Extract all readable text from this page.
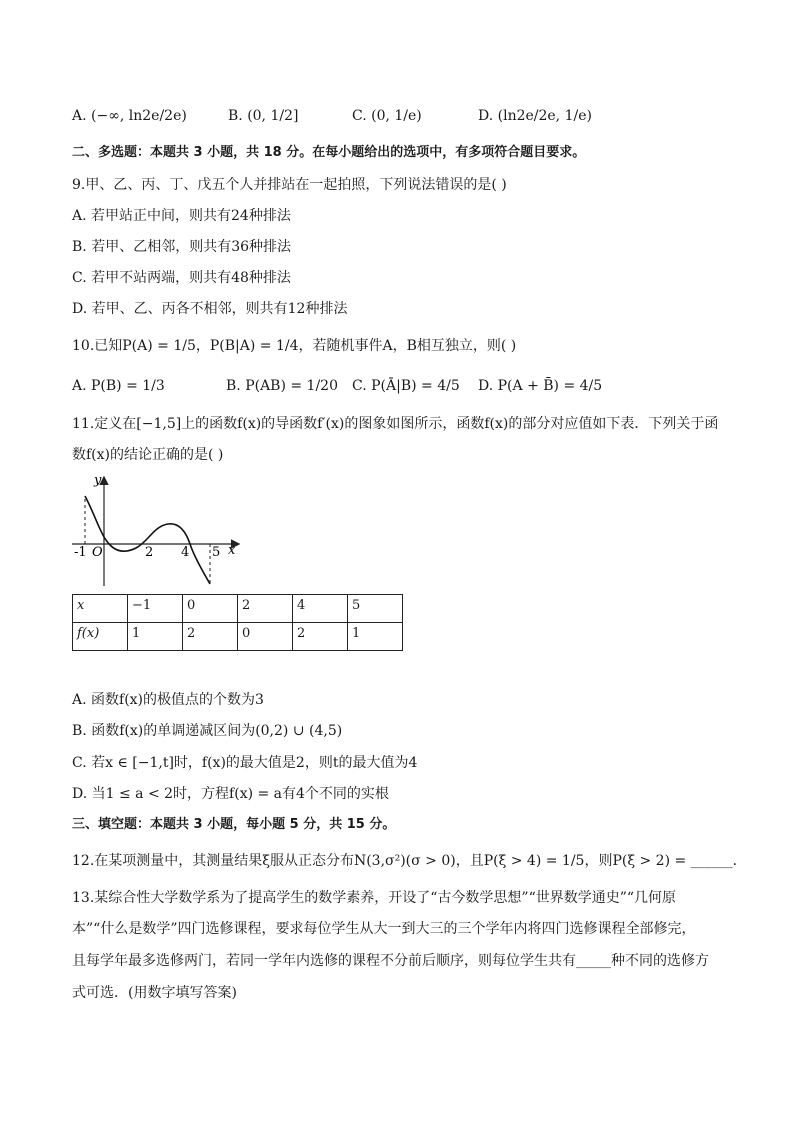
A. (−∞, ln2e/2e)	B. (0, 1/2]	C. (0, 1/e)	D. (ln2e/2e, 1/e)
二、多选题：本题共 3 小题，共 18 分。在每小题给出的选项中，有多项符合题目要求。
9.甲、乙、丙、丁、戊五个人并排站在一起拍照，下列说法错误的是( )
A. 若甲站正中间，则共有24种排法
B. 若甲、乙相邻，则共有36种排法
C. 若甲不站两端，则共有48种排法
D. 若甲、乙、丙各不相邻，则共有12种排法
10.已知P(A) = 1/5，P(B|A) = 1/4，若随机事件A，B相互独立，则( )
A. P(B) = 1/3	B. P(AB) = 1/20 C. P(Ā|B) = 4/5 D. P(A + B̄) = 4/5
11.定义在[−1,5]上的函数f(x)的导函数f′(x)的图象如图所示，函数f(x)的部分对应值如下表．下列关于函
数f(x)的结论正确的是( )
y
x
O
-1	2 4 5
x	−1	0	2	4	5
f(x)	1	2	0	2	1
A. 函数f(x)的极值点的个数为3
B. 函数f(x)的单调递减区间为(0,2) ∪ (4,5)
C. 若x ∈ [−1,t]时，f(x)的最大值是2，则t的最大值为4
D. 当1 ≤ a < 2时，方程f(x) = a有4个不同的实根
三、填空题：本题共 3 小题，每小题 5 分，共 15 分。
12.在某项测量中，其测量结果ξ服从正态分布N(3,σ²)(σ > 0)，且P(ξ > 4) = 1/5，则P(ξ > 2) = ______．
13.某综合性大学数学系为了提高学生的数学素养，开设了“古今数学思想”“世界数学通史”“几何原
本”“什么是数学”四门选修课程，要求每位学生从大一到大三的三个学年内将四门选修课程全部修完，
且每学年最多选修两门，若同一学年内选修的课程不分前后顺序，则每位学生共有_____种不同的选修方
式可选．(用数字填写答案)
